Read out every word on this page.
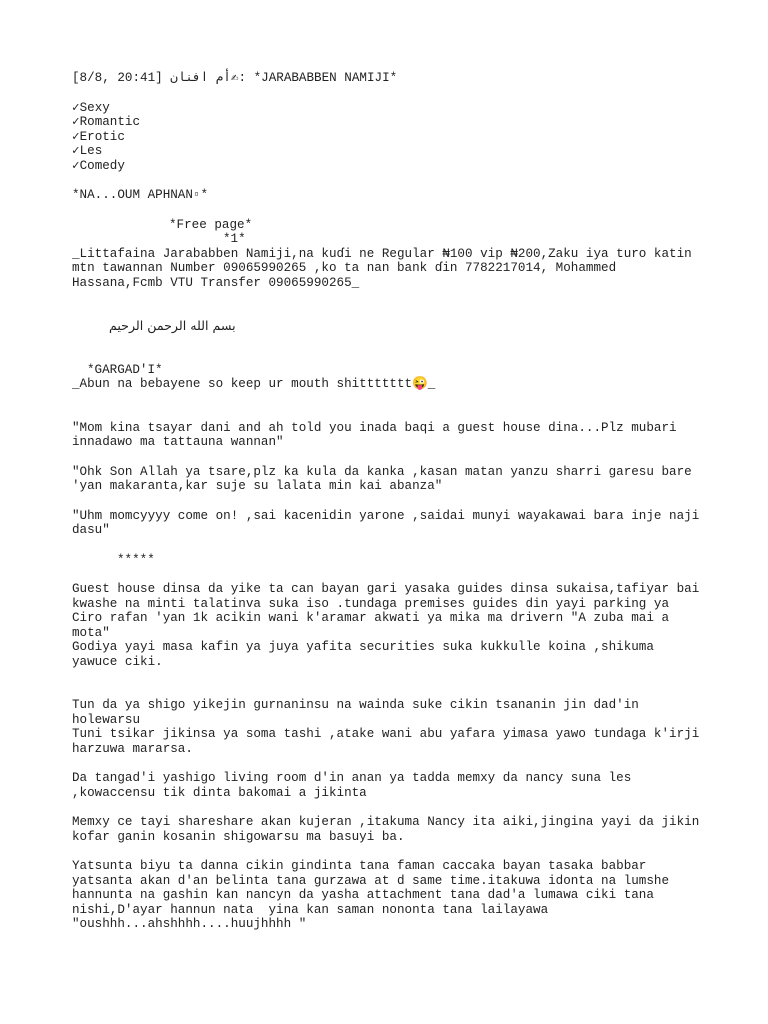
[8/8, 20:41] أم افنان✍: *JARABABBEN NAMIJI*

✓Sexy

✓Romantic

✓Erotic

✓Les

✓Comedy

*NA...OUM APHNAN▫*

*Free page*

*1*

_Littafaina Jarababben Namiji,na kuɗi ne Regular ₦100 vip ₦200,Zaku iya turo katin mtn tawannan Number 09065990265 ,ko ta nan bank ɗin 7782217014, Mohammed Hassana,Fcmb VTU Transfer 09065990265_

بسم الله الرحمن الرحيم

*GARGAD'I*

_Abun na bebayene so keep ur mouth shittttttt😜_

"Mom kina tsayar dani and ah told you inada baqi a guest house dina...Plz mubari innadawo ma tattauna wannan"

"Ohk Son Allah ya tsare,plz ka kula da kanka ,kasan matan yanzu sharri garesu bare 'yan makaranta,kar suje su lalata min kai abanza"

"Uhm momcyyyy come on! ,sai kacenidin yarone ,saidai munyi wayakawai bara inje naji dasu"

*****

Guest house dinsa da yike ta can bayan gari yasaka guides dinsa sukaisa,tafiyar bai kwashe na minti talatinva suka iso .tundaga premises guides din yayi parking ya Ciro rafan 'yan 1k acikin wani k'aramar akwati ya mika ma drivern "A zuba mai a mota"

Godiya yayi masa kafin ya juya yafita securities suka kukkulle koina ,shikuma yawuce ciki.

Tun da ya shigo yikejin gurnaninsu na wainda suke cikin tsananin jin dad'in holewarsu

Tuni tsikar jikinsa ya soma tashi ,atake wani abu yafara yimasa yawo tundaga k'irji harzuwa mararsa.

Da tangad'i yashigo living room d'in anan ya tadda memxy da nancy suna les  ,kowaccensu tik dinta bakomai a jikinta

Memxy ce tayi shareshare akan kujeran ,itakuma Nancy ita aiki,jingina yayi da jikin kofar ganin kosanin shigowarsu ma basuyi ba.

Yatsunta biyu ta danna cikin gindinta tana faman caccaka bayan tasaka babbar yatsanta akan d'an belinta tana gurzawa at d same time.itakuwa idonta na lumshe hannunta na gashin kan nancyn da yasha attachment tana dad'a lumawa ciki tana nishi,D'ayar hannun nata  yina kan saman nononta tana lailayawa

"oushhh...ahshhhh....huujhhhh "
